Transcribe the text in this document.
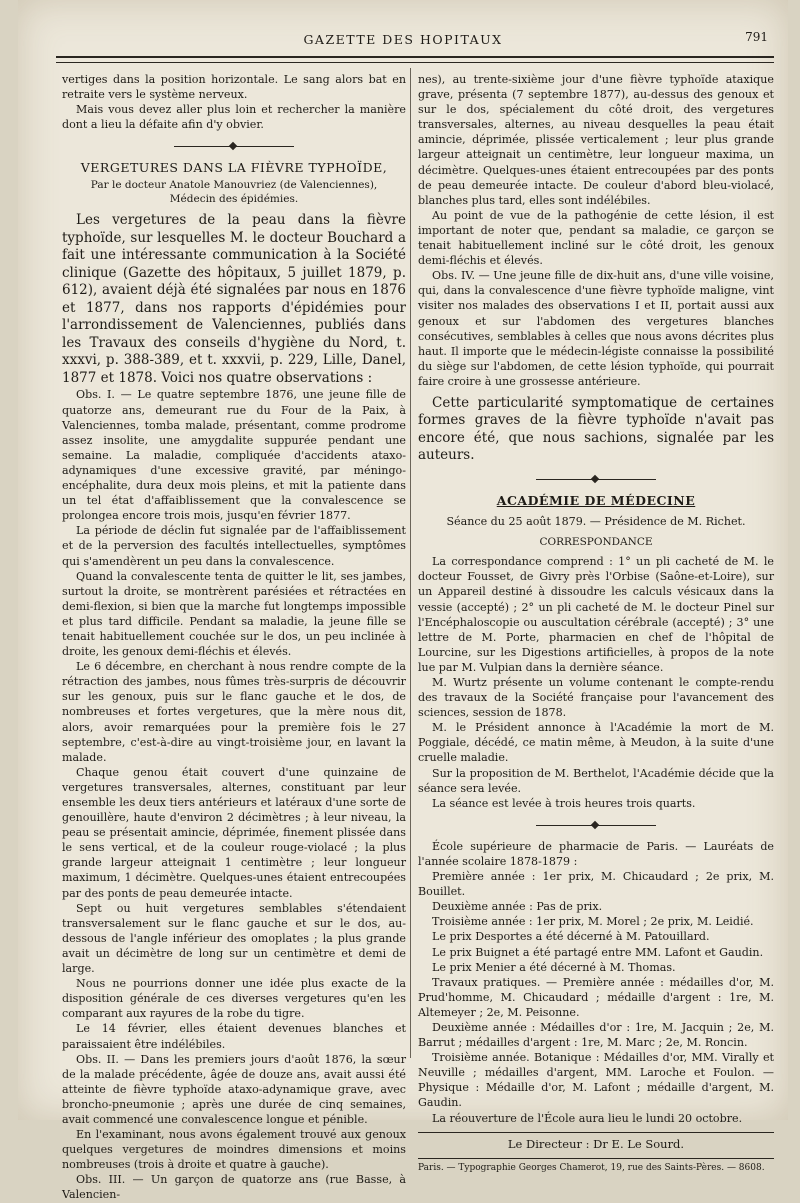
GAZETTE DES HOPITAUX	791

vertiges dans la position horizontale. Le sang alors bat en retraite vers le système nerveux.

Mais vous devez aller plus loin et rechercher la manière dont a lieu la défaite afin d'y obvier.

VERGETURES DANS LA FIÈVRE TYPHOÏDE,
Par le docteur Anatole Manouvriez (de Valenciennes),
Médecin des épidémies.

Les vergetures de la peau dans la fièvre typhoïde, sur lesquelles M. le docteur Bouchard a fait une intéressante communication à la Société clinique (Gazette des hôpitaux, 5 juillet 1879, p. 612), avaient déjà été signalées par nous en 1876 et 1877, dans nos rapports d'épidémies pour l'arrondissement de Valenciennes, publiés dans les Travaux des conseils d'hygiène du Nord, t. xxxvi, p. 388-389, et t. xxxvii, p. 229, Lille, Danel, 1877 et 1878. Voici nos quatre observations :

Obs. I. — Le quatre septembre 1876, une jeune fille de quatorze ans, demeurant rue du Four de la Paix, à Valenciennes, tomba malade, présentant, comme prodrome assez insolite, une amygdalite suppurée pendant une semaine. La maladie, compliquée d'accidents ataxo-adynamiques d'une excessive gravité, par méningo-encéphalite, dura deux mois pleins, et mit la patiente dans un tel état d'affaiblissement que la convalescence se prolongea encore trois mois, jusqu'en février 1877.

La période de déclin fut signalée par de l'affaiblissement et de la perversion des facultés intellectuelles, symptômes qui s'amendèrent un peu dans la convalescence.

Quand la convalescente tenta de quitter le lit, ses jambes, surtout la droite, se montrèrent parésiées et rétractées en demi-flexion, si bien que la marche fut longtemps impossible et plus tard difficile. Pendant sa maladie, la jeune fille se tenait habituellement couchée sur le dos, un peu inclinée à droite, les genoux demi-fléchis et élevés.

Le 6 décembre, en cherchant à nous rendre compte de la rétraction des jambes, nous fûmes très-surpris de découvrir sur les genoux, puis sur le flanc gauche et le dos, de nombreuses et fortes vergetures, que la mère nous dit, alors, avoir remarquées pour la première fois le 27 septembre, c'est-à-dire au vingt-troisième jour, en lavant la malade.

Chaque genou était couvert d'une quinzaine de vergetures transversales, alternes, constituant par leur ensemble les deux tiers antérieurs et latéraux d'une sorte de genouillère, haute d'environ 2 décimètres ; à leur niveau, la peau se présentait amincie, déprimée, finement plissée dans le sens vertical, et de la couleur rouge-violacé ; la plus grande largeur atteignait 1 centimètre ; leur longueur maximum, 1 décimètre. Quelques-unes étaient entrecoupées par des ponts de peau demeurée intacte.

Sept ou huit vergetures semblables s'étendaient transversalement sur le flanc gauche et sur le dos, au-dessous de l'angle inférieur des omoplates ; la plus grande avait un décimètre de long sur un centimètre et demi de large.

Nous ne pourrions donner une idée plus exacte de la disposition générale de ces diverses vergetures qu'en les comparant aux rayures de la robe du tigre.

Le 14 février, elles étaient devenues blanches et paraissaient être indélébiles.

Obs. II. — Dans les premiers jours d'août 1876, la sœur de la malade précédente, âgée de douze ans, avait aussi été atteinte de fièvre typhoïde ataxo-adynamique grave, avec broncho-pneumonie ; après une durée de cinq semaines, avait commencé une convalescence longue et pénible.

En l'examinant, nous avons également trouvé aux genoux quelques vergetures de moindres dimensions et moins nombreuses (trois à droite et quatre à gauche).

Obs. III. — Un garçon de quatorze ans (rue Basse, à Valencien-

nes), au trente-sixième jour d'une fièvre typhoïde ataxique grave, présenta (7 septembre 1877), au-dessus des genoux et sur le dos, spécialement du côté droit, des vergetures transversales, alternes, au niveau desquelles la peau était amincie, déprimée, plissée verticalement ; leur plus grande largeur atteignait un centimètre, leur longueur maxima, un décimètre. Quelques-unes étaient entrecoupées par des ponts de peau demeurée intacte. De couleur d'abord bleu-violacé, blanches plus tard, elles sont indélébiles.

Au point de vue de la pathogénie de cette lésion, il est important de noter que, pendant sa maladie, ce garçon se tenait habituellement incliné sur le côté droit, les genoux demi-fléchis et élevés.

Obs. IV. — Une jeune fille de dix-huit ans, d'une ville voisine, qui, dans la convalescence d'une fièvre typhoïde maligne, vint visiter nos malades des observations I et II, portait aussi aux genoux et sur l'abdomen des vergetures blanches consécutives, semblables à celles que nous avons décrites plus haut. Il importe que le médecin-légiste connaisse la possibilité du siège sur l'abdomen, de cette lésion typhoïde, qui pourrait faire croire à une grossesse antérieure.

Cette particularité symptomatique de certaines formes graves de la fièvre typhoïde n'avait pas encore été, que nous sachions, signalée par les auteurs.

ACADÉMIE DE MÉDECINE

Séance du 25 août 1879. — Présidence de M. Richet.

CORRESPONDANCE

La correspondance comprend : 1° un pli cacheté de M. le docteur Fousset, de Givry près l'Orbise (Saône-et-Loire), sur un Appareil destiné à dissoudre les calculs vésicaux dans la vessie (accepté) ; 2° un pli cacheté de M. le docteur Pinel sur l'Encéphaloscopie ou auscultation cérébrale (accepté) ; 3° une lettre de M. Porte, pharmacien en chef de l'hôpital de Lourcine, sur les Digestions artificielles, à propos de la note lue par M. Vulpian dans la dernière séance.

M. Wurtz présente un volume contenant le compte-rendu des travaux de la Société française pour l'avancement des sciences, session de 1878.

M. le Président annonce à l'Académie la mort de M. Poggiale, décédé, ce matin même, à Meudon, à la suite d'une cruelle maladie.

Sur la proposition de M. Berthelot, l'Académie décide que la séance sera levée.

La séance est levée à trois heures trois quarts.

École supérieure de pharmacie de Paris. — Lauréats de l'année scolaire 1878-1879 :

Première année : 1er prix, M. Chicaudard ; 2e prix, M. Bouillet.

Deuxième année : Pas de prix.

Troisième année : 1er prix, M. Morel ; 2e prix, M. Leidié.

Le prix Desportes a été décerné à M. Patouillard.

Le prix Buignet a été partagé entre MM. Lafont et Gaudin.

Le prix Menier a été décerné à M. Thomas.

Travaux pratiques. — Première année : médailles d'or, M. Prud'homme, M. Chicaudard ; médaille d'argent : 1re, M. Altemeyer ; 2e, M. Peisonne.

Deuxième année : Médailles d'or : 1re, M. Jacquin ; 2e, M. Barrut ; médailles d'argent : 1re, M. Marc ; 2e, M. Roncin.

Troisième année. Botanique : Médailles d'or, MM. Virally et Neuville ; médailles d'argent, MM. Laroche et Foulon. — Physique : Médaille d'or, M. Lafont ; médaille d'argent, M. Gaudin.

La réouverture de l'École aura lieu le lundi 20 octobre.

Le Directeur : Dr E. Le Sourd.
Paris. — Typographie Georges Chamerot, 19, rue des Saints-Pères. — 8608.
